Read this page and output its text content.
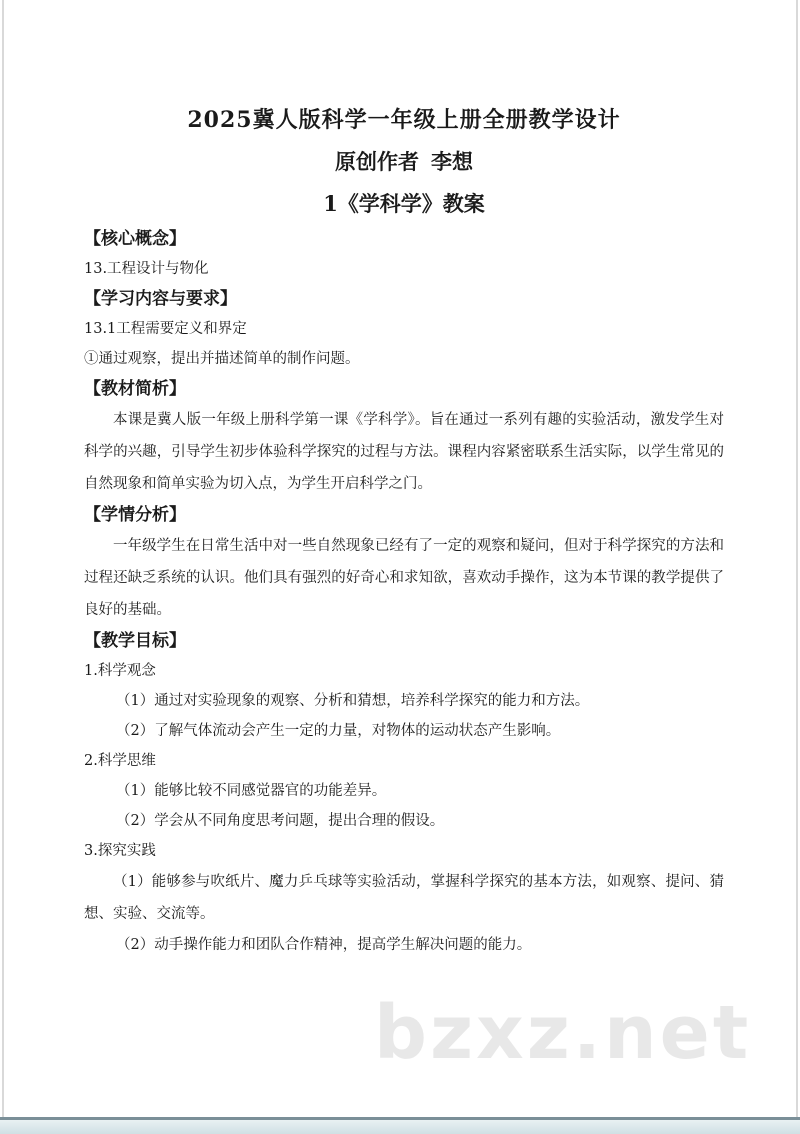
2025冀人版科学一年级上册全册教学设计
原创作者 李想
1《学科学》教案
【核心概念】
13.工程设计与物化
【学习内容与要求】
13.1工程需要定义和界定
①通过观察，提出并描述简单的制作问题。
【教材简析】

本课是冀人版一年级上册科学第一课《学科学》。旨在通过一系列有趣的实验活动，激发学生对科学的兴趣，引导学生初步体验科学探究的过程与方法。课程内容紧密联系生活实际，以学生常见的自然现象和简单实验为切入点，为学生开启科学之门。

【学情分析】

一年级学生在日常生活中对一些自然现象已经有了一定的观察和疑问，但对于科学探究的方法和过程还缺乏系统的认识。他们具有强烈的好奇心和求知欲，喜欢动手操作，这为本节课的教学提供了良好的基础。

【教学目标】
1.科学观念
（1）通过对实验现象的观察、分析和猜想，培养科学探究的能力和方法。
（2）了解气体流动会产生一定的力量，对物体的运动状态产生影响。
2.科学思维
（1）能够比较不同感觉器官的功能差异。
（2）学会从不同角度思考问题，提出合理的假设。
3.探究实践

（1）能够参与吹纸片、魔力乒乓球等实验活动，掌握科学探究的基本方法，如观察、提问、猜想、实验、交流等。

（2）动手操作能力和团队合作精神，提高学生解决问题的能力。
bzxz.net
